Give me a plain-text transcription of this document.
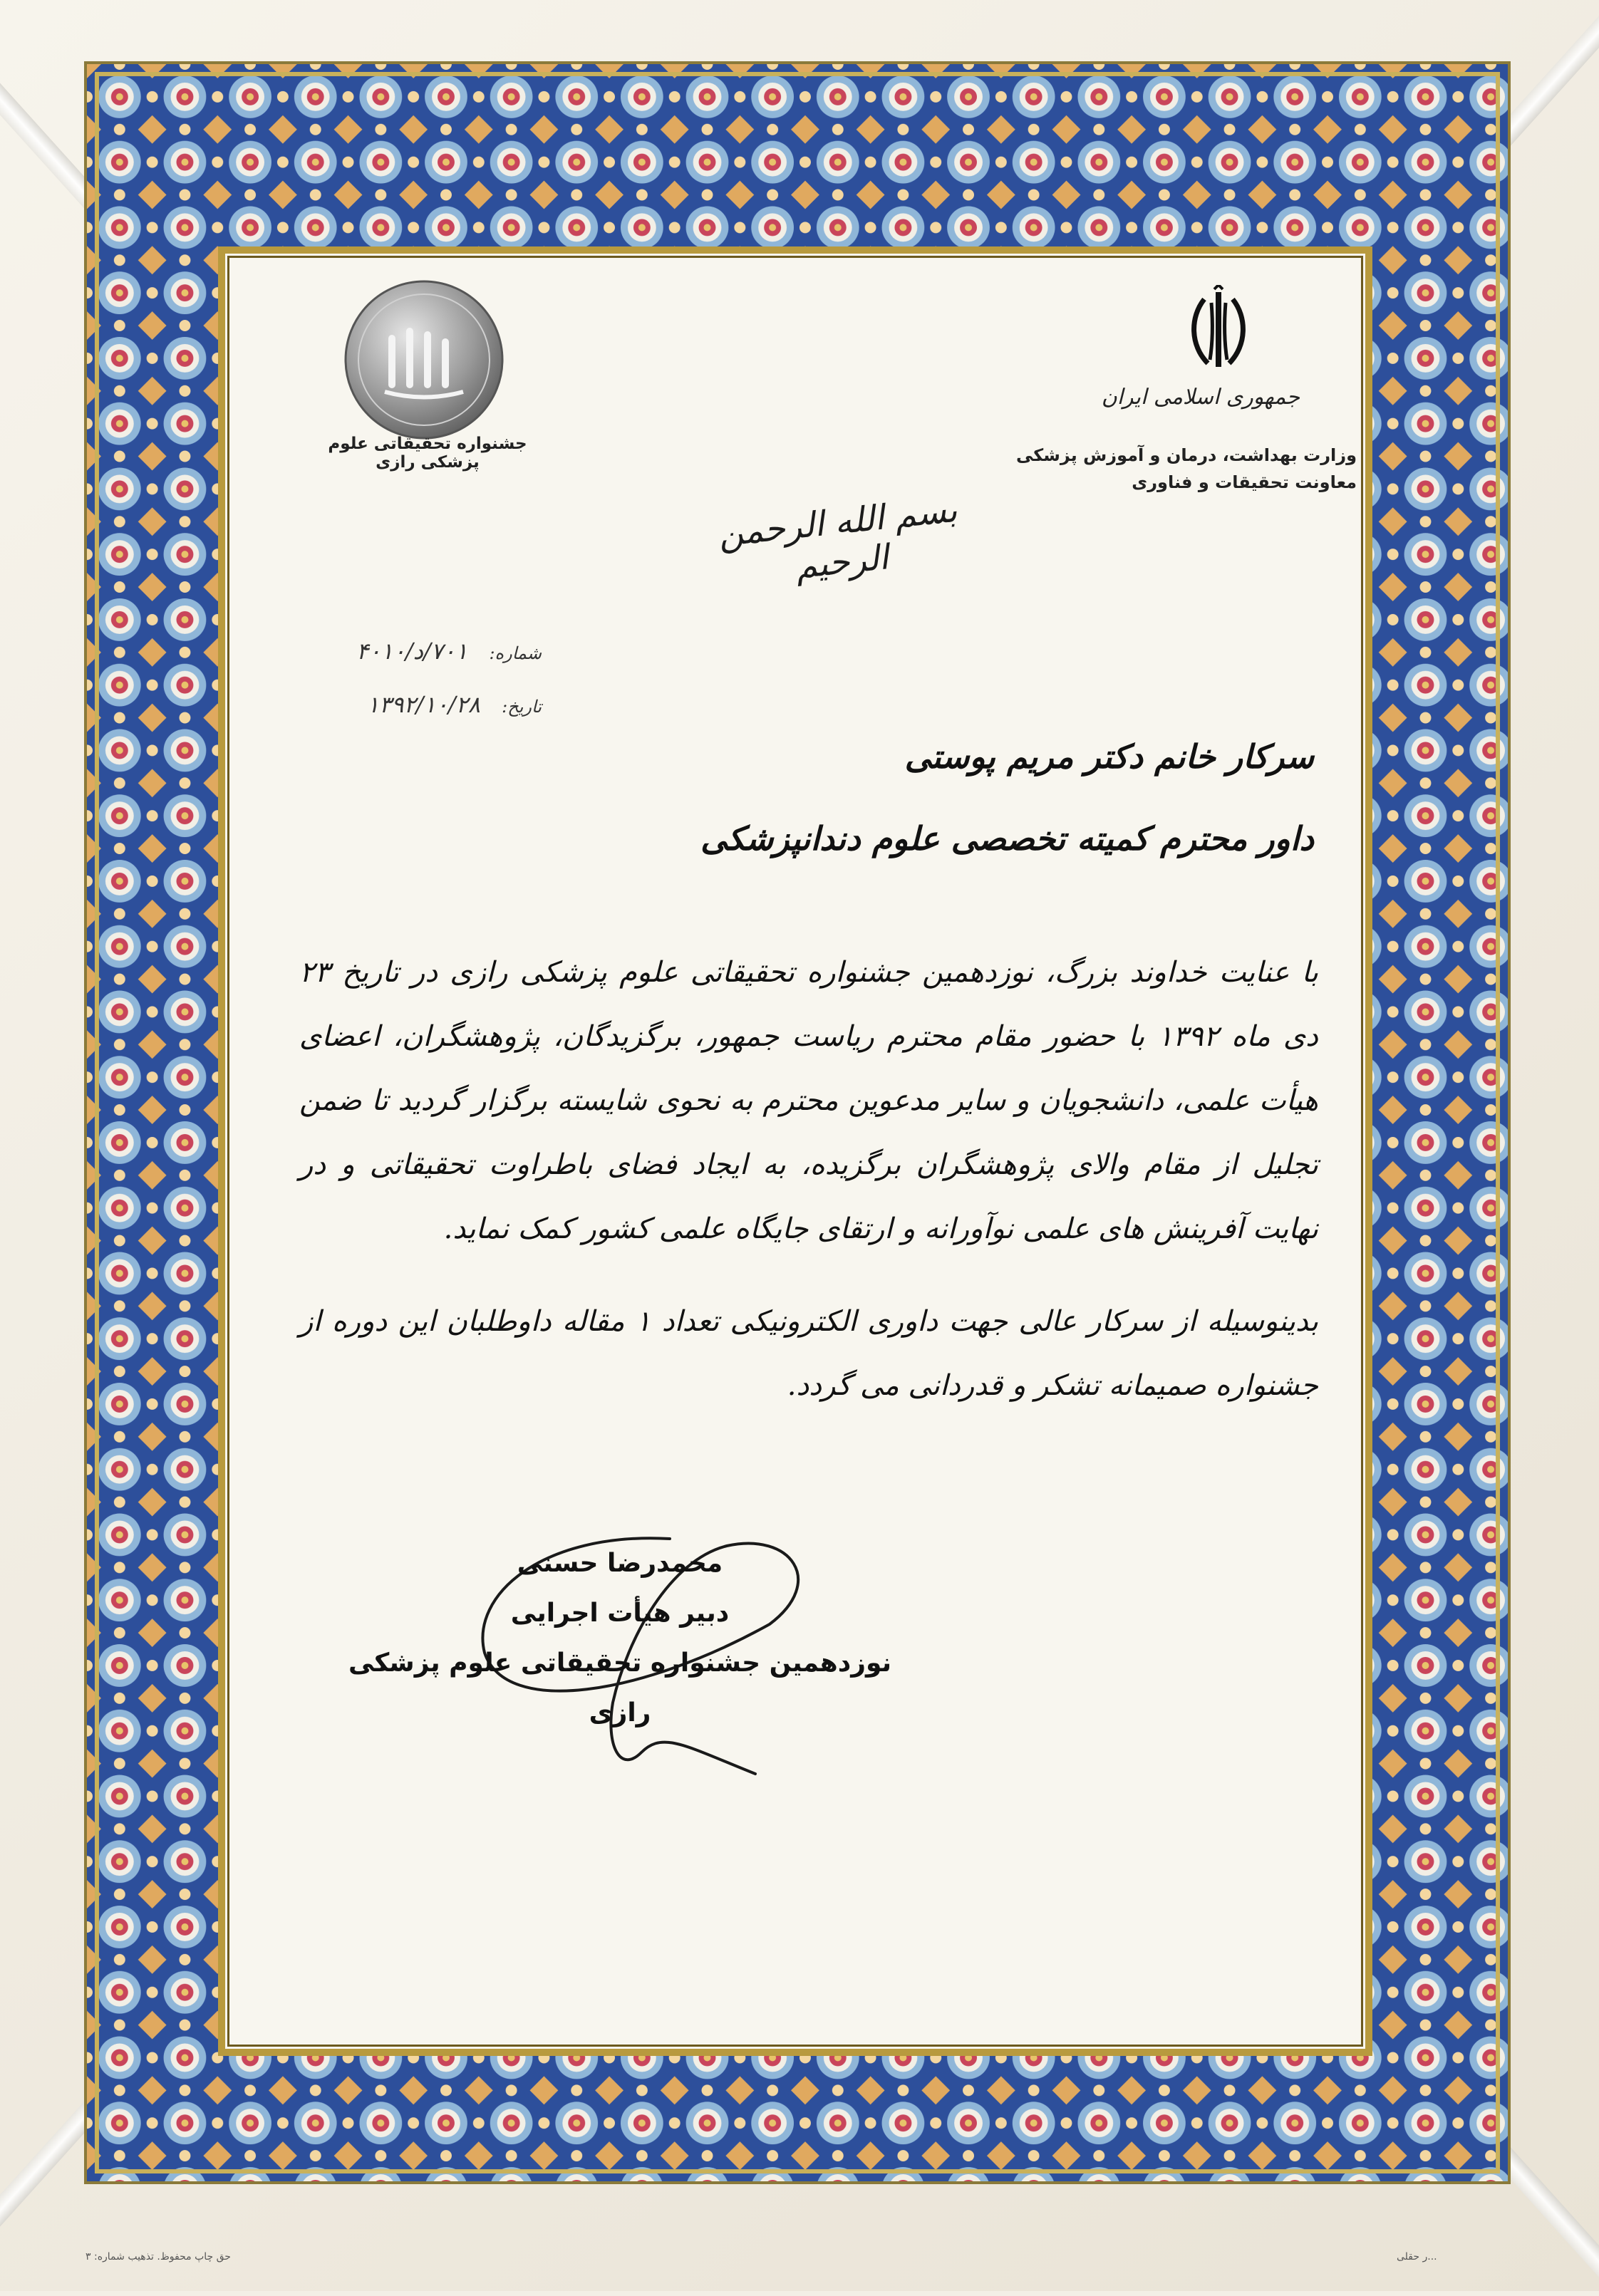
جمهوری اسلامی ایران
وزارت بهداشت، درمان و آموزش پزشکی
معاونت تحقیقات و فناوری
جشنواره تحقیقاتی علوم پزشکی رازی
بسم الله الرحمن الرحیم
شماره: ۷۰۱/د/۴۰۱۰
تاریخ: ۱۳۹۲/۱۰/۲۸
سرکار خانم دکتر مریم پوستی
داور محترم کمیته تخصصی علوم دندانپزشکی

با عنایت خداوند بزرگ، نوزدهمین جشنواره تحقیقاتی علوم پزشکی رازی در تاریخ ۲۳ دی ماه ۱۳۹۲ با حضور مقام محترم ریاست جمهور، برگزیدگان، پژوهشگران، اعضای هیأت علمی، دانشجویان و سایر مدعوین محترم به نحوی شایسته برگزار گردید تا ضمن تجلیل از مقام والای پژوهشگران برگزیده، به ایجاد فضای باطراوت تحقیقاتی و در نهایت آفرینش های علمی نوآورانه و ارتقای جایگاه علمی کشور کمک نماید.

بدینوسیله از سرکار عالی جهت داوری الکترونیکی تعداد ۱ مقاله داوطلبان این دوره از جشنواره صمیمانه تشکر و قدردانی می گردد.

محمدرضا حسنی
دبیر هیأت اجرایی
نوزدهمین جشنواره تحقیقاتی علوم پزشکی رازی
حق چاپ محفوظ. تذهیب شماره: ۳	...ر حقلی
